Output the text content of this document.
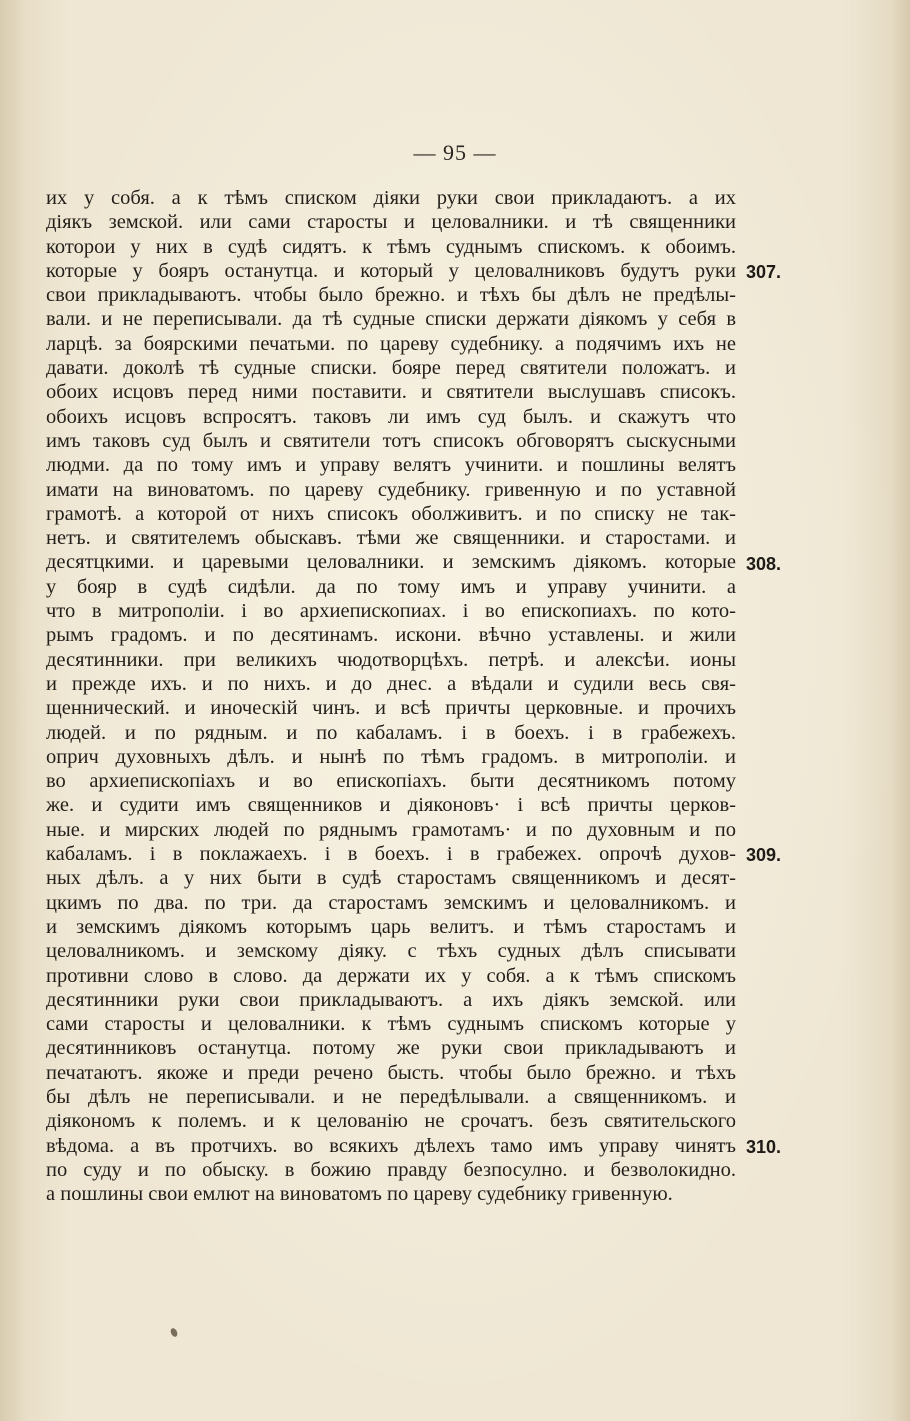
— 95 —
их у собя. а к тѣмъ списком дiяки руки свои прикладаютъ. а их
дiякъ земской. или сами старосты и целовалники. и тѣ священники
которои у них в судѣ сидятъ. к тѣмъ суднымъ спискомъ. к обоимъ.
которые у бояръ останутца. и который у целовалниковъ будутъ руки
свои прикладываютъ. чтобы было брежно. и тѣхъ бы дѣлъ не предѣлы-
вали. и не переписывали. да тѣ судные списки держати дiякомъ у себя в
ларцѣ. за боярскими печатьми. по цареву судебнику. а подячимъ ихъ не
давати. доколѣ тѣ судные списки. бояре перед святители положатъ. и
обоих исцовъ перед ними поставити. и святители выслушавъ списокъ.
обоихъ исцовъ вспросятъ. таковъ ли имъ суд былъ. и скажутъ что
имъ таковъ суд былъ и святители тотъ списокъ обговорятъ сыскусными
людми. да по тому имъ и управу велятъ учинити. и пошлины велятъ
имати на виноватомъ. по цареву судебнику. гривенную и по уставной
грамотѣ. а которой от нихъ списокъ оболживитъ. и по списку не так-
нетъ. и святителемъ обыскавъ. тѣми же священники. и старостами. и
десятцкими. и царевыми целовалники. и земскимъ дiякомъ. которые
у бояр в судѣ сидѣли. да по тому имъ и управу учинити. а
что в митрополiи. i во архиепископиах. i во епископиахъ. по кото-
рымъ градомъ. и по десятинамъ. искони. вѣчно уставлены. и жили
десятинники. при великихъ чюдотворцѣхъ. петрѣ. и алексѣи. ионы
и прежде ихъ. и по нихъ. и до днес. а вѣдали и судили весь свя-
щеннический. и иноческiй чинъ. и всѣ причты церковные. и прочихъ
людей. и по рядным. и по кабаламъ. i в боехъ. i в грабежехъ.
оприч духовныхъ дѣлъ. и нынѣ по тѣмъ градомъ. в митрополiи. и
во архиепископiахъ и во епископiахъ. быти десятникомъ потому
же. и судити имъ священников и дiяконовъ· i всѣ причты церков-
ные. и мирских людей по ряднымъ грамотамъ· и по духовным и по
кабаламъ. i в поклажаехъ. i в боехъ. i в грабежех. опрочѣ духов-
ных дѣлъ. а у них быти в судѣ старостамъ священникомъ и десят-
цкимъ по два. по три. да старостамъ земскимъ и целовалникомъ. и
и земскимъ дiякомъ которымъ царь велитъ. и тѣмъ старостамъ и
целовалникомъ. и земскому дiяку. с тѣхъ судных дѣлъ списывати
противни слово в слово. да держати их у собя. а к тѣмъ спискомъ
десятинники руки свои прикладываютъ. а ихъ дiякъ земской. или
сами старосты и целовалники. к тѣмъ суднымъ спискомъ которые у
десятинниковъ останутца. потому же руки свои прикладываютъ и
печатаютъ. якоже и преди речено бысть. чтобы было брежно. и тѣхъ
бы дѣлъ не переписывали. и не передѣлывали. а священникомъ. и
дiякономъ к полемъ. и к целованiю не срочатъ. безъ святительского
вѣдома. а въ протчихъ. во всякихъ дѣлехъ тамо имъ управу чинятъ
по суду и по обыску. в божию правду безпосулно. и безволокидно.
а пошлины свои емлют на виноватомъ по цареву судебнику гривенную.
307.
308.
309.
310.
